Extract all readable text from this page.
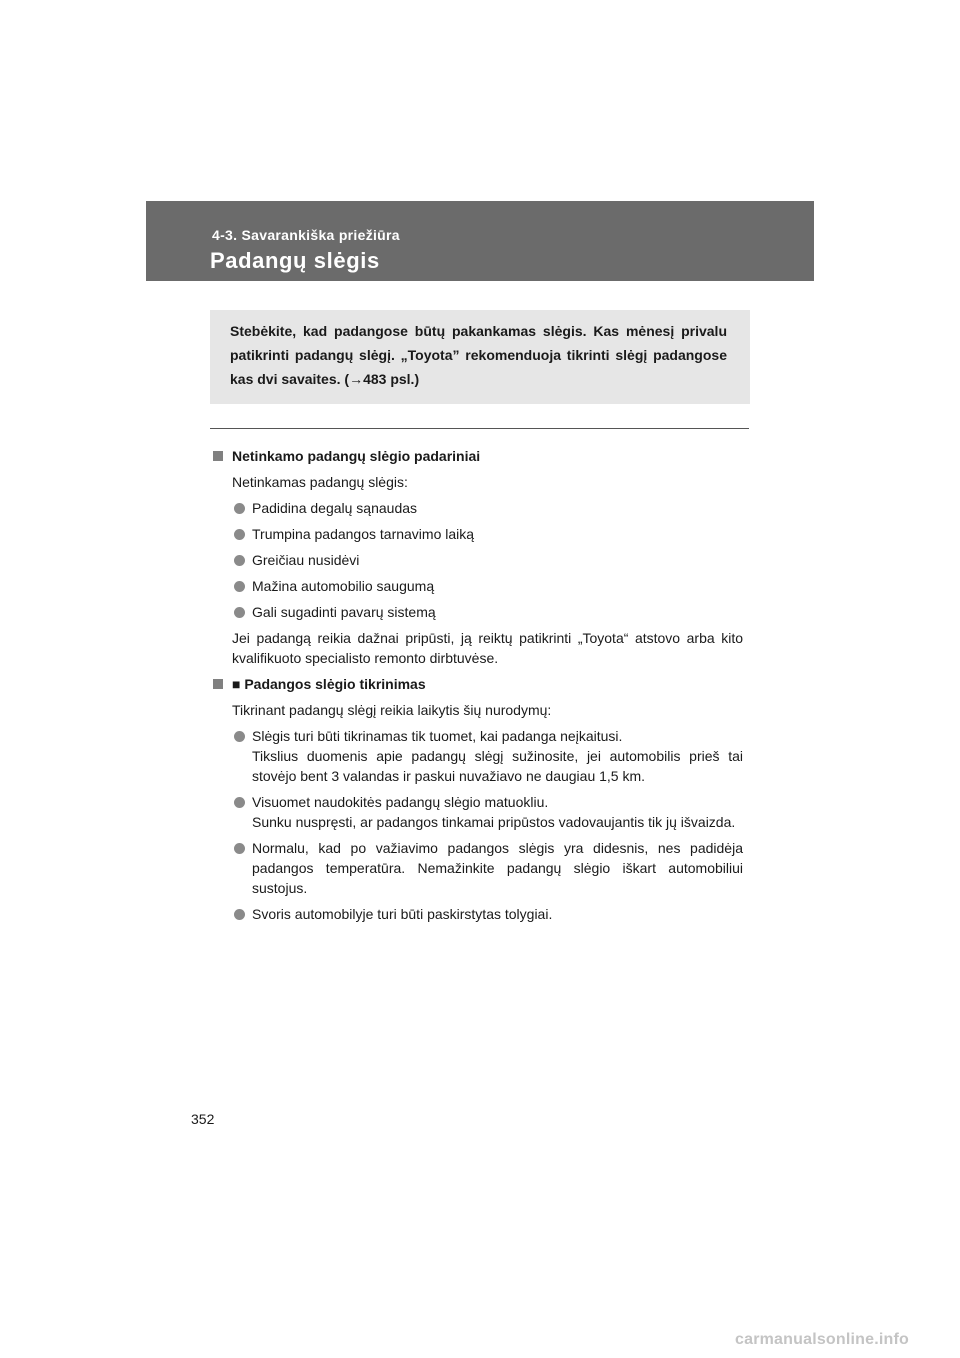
4-3. Savarankiška priežiūra
Padangų slėgis
Stebėkite, kad padangose būtų pakankamas slėgis. Kas mėnesį privalu patikrinti padangų slėgį. „Toyota” rekomenduoja tikrinti slėgį padangose kas dvi savaites. (→483 psl.)
Netinkamo padangų slėgio padariniai
Netinkamas padangų slėgis:
Padidina degalų sąnaudas
Trumpina padangos tarnavimo laiką
Greičiau nusidėvi
Mažina automobilio saugumą
Gali sugadinti pavarų sistemą
Jei padangą reikia dažnai pripūsti, ją reiktų patikrinti „Toyota“ atstovo arba kito kvalifikuoto specialisto remonto dirbtuvėse.
■ Padangos slėgio tikrinimas
Tikrinant padangų slėgį reikia laikytis šių nurodymų:
Slėgis turi būti tikrinamas tik tuomet, kai padanga neįkaitusi.
Tikslius duomenis apie padangų slėgį sužinosite, jei automobilis prieš tai stovėjo bent 3 valandas ir paskui nuvažiavo ne daugiau 1,5 km.
Visuomet naudokitės padangų slėgio matuokliu.
Sunku nuspręsti, ar padangos tinkamai pripūstos vadovaujantis tik jų išvaizda.
Normalu, kad po važiavimo padangos slėgis yra didesnis, nes padidėja padangos temperatūra. Nemažinkite padangų slėgio iškart automobiliui sustojus.
Svoris automobilyje turi būti paskirstytas tolygiai.
352
carmanualsonline.info
